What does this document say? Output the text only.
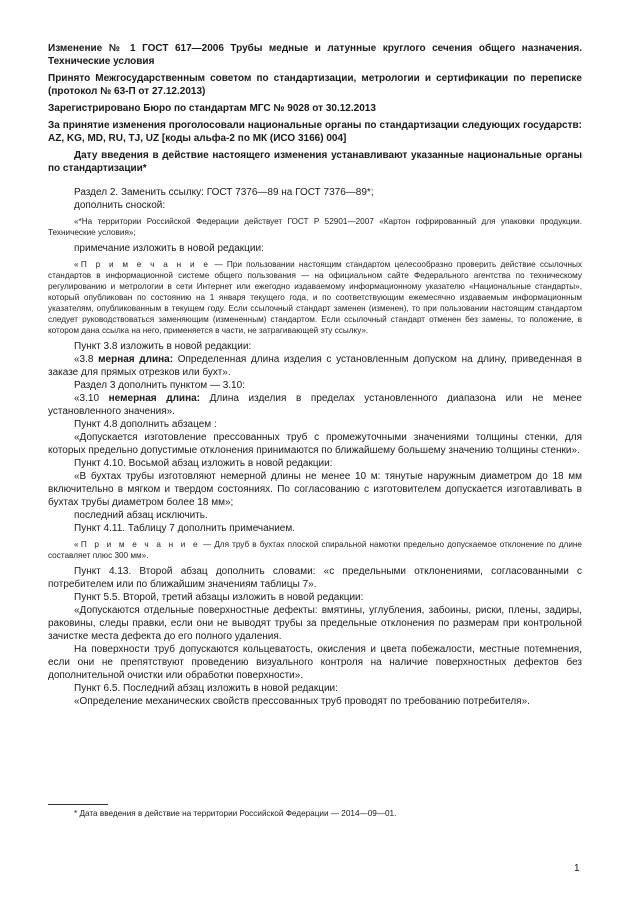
Изменение № 1 ГОСТ 617—2006 Трубы медные и латунные круглого сечения общего назначения. Технические условия

Принято Межгосударственным советом по стандартизации, метрологии и сертификации по переписке (протокол № 63-П от 27.12.2013)

Зарегистрировано Бюро по стандартам МГС № 9028 от 30.12.2013

За принятие изменения проголосовали национальные органы по стандартизации следующих государств: AZ, KG, MD, RU, TJ, UZ [коды альфа-2 по МК (ИСО 3166) 004]

Дату введения в действие настоящего изменения устанавливают указанные национальные органы по стандартизации*

Раздел 2. Заменить ссылку: ГОСТ 7376—89 на ГОСТ 7376—89*;

дополнить сноской:

«*На территории Российской Федерации действует ГОСТ Р 52901—2007 «Картон гофрированный для упаковки продукции. Технические условия»;

примечание изложить в новой редакции:

«П р и м е ч а н и е — При пользовании настоящим стандартом целесообразно проверить действие ссылочных стандартов в информационной системе общего пользования — на официальном сайте Федерального агентства по техническому регулированию и метрологии в сети Интернет или ежегодно издаваемому информационному указателю «Национальные стандарты», который опубликован по состоянию на 1 января текущего года, и по соответствующим ежемесячно издаваемым информационным указателям, опубликованным в текущем году. Если ссылочный стандарт заменен (изменен), то при пользовании настоящим стандартом следует руководствоваться заменяющим (измененным) стандартом. Если ссылочный стандарт отменен без замены, то положение, в котором дана ссылка на него, применяется в части, не затрагивающей эту ссылку».

Пункт 3.8 изложить в новой редакции:

«3.8 мерная длина: Определенная длина изделия с установленным допуском на длину, приведенная в заказе для прямых отрезков или бухт».

Раздел 3 дополнить пунктом — 3.10:

«3.10 немерная длина: Длина изделия в пределах установленного диапазона или не менее установленного значения».

Пункт 4.8 дополнить абзацем :

«Допускается изготовление прессованных труб с промежуточными значениями толщины стенки, для которых предельно допустимые отклонения принимаются по ближайшему большему значению толщины стенки».

Пункт 4.10. Восьмой абзац изложить в новой редакции:

«В бухтах трубы изготовляют немерной длины не менее 10 м: тянутые наружным диаметром до 18 мм включительно в мягком и твердом состояниях. По согласованию с изготовителем допускается изготавливать в бухтах трубы диаметром более 18 мм»;

последний абзац исключить.

Пункт 4.11. Таблицу 7 дополнить примечанием.

«П р и м е ч а н и е — Для труб в бухтах плоской спиральной намотки предельно допускаемое отклонение по длине составляет плюс 300 мм».

Пункт 4.13. Второй абзац дополнить словами: «с предельными отклонениями, согласованными с потребителем или по ближайшим значениям таблицы 7».

Пункт 5.5. Второй, третий абзацы изложить в новой редакции:

«Допускаются отдельные поверхностные дефекты: вмятины, углубления, забоины, риски, плены, задиры, раковины, следы правки, если они не выводят трубы за предельные отклонения по размерам при контрольной зачистке места дефекта до его полного удаления.

На поверхности труб допускаются кольцеватость, окисления и цвета побежалости, местные потемнения, если они не препятствуют проведению визуального контроля на наличие поверхностных дефектов без дополнительной очистки или обработки поверхности».

Пункт 6.5. Последний абзац изложить в новой редакции:

«Определение механических свойств прессованных труб проводят по требованию потребителя».

* Дата введения в действие на территории Российской Федерации — 2014—09—01.

1
